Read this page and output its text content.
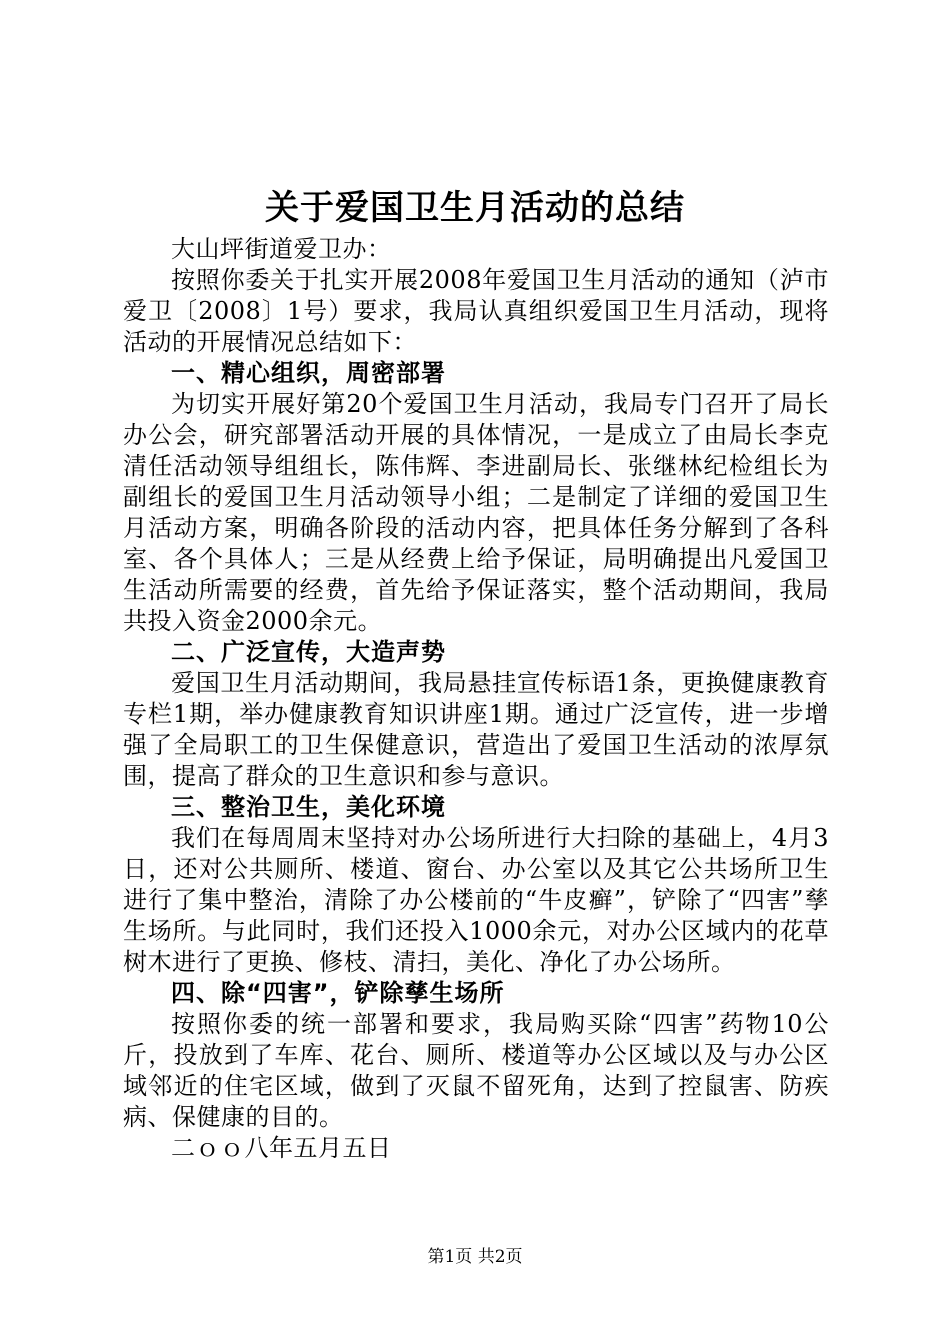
关于爱国卫生月活动的总结

大山坪街道爱卫办：

按照你委关于扎实开展2008年爱国卫生月活动的通知（泸市爱卫〔2008〕1号）要求，我局认真组织爱国卫生月活动，现将活动的开展情况总结如下：

一、精心组织，周密部署

为切实开展好第20个爱国卫生月活动，我局专门召开了局长办公会，研究部署活动开展的具体情况，一是成立了由局长李克清任活动领导组组长，陈伟辉、李进副局长、张继林纪检组长为副组长的爱国卫生月活动领导小组；二是制定了详细的爱国卫生月活动方案，明确各阶段的活动内容，把具体任务分解到了各科室、各个具体人；三是从经费上给予保证，局明确提出凡爱国卫生活动所需要的经费，首先给予保证落实，整个活动期间，我局共投入资金2000余元。

二、广泛宣传，大造声势

爱国卫生月活动期间，我局悬挂宣传标语1条，更换健康教育专栏1期，举办健康教育知识讲座1期。通过广泛宣传，进一步增强了全局职工的卫生保健意识，营造出了爱国卫生活动的浓厚氛围，提高了群众的卫生意识和参与意识。

三、整治卫生，美化环境

我们在每周周末坚持对办公场所进行大扫除的基础上，4月3日，还对公共厕所、楼道、窗台、办公室以及其它公共场所卫生进行了集中整治，清除了办公楼前的“牛皮癣”，铲除了“四害”孳生场所。与此同时，我们还投入1000余元，对办公区域内的花草树木进行了更换、修枝、清扫，美化、净化了办公场所。

四、除“四害”，铲除孳生场所

按照你委的统一部署和要求，我局购买除“四害”药物10公斤，投放到了车库、花台、厕所、楼道等办公区域以及与办公区域邻近的住宅区域，做到了灭鼠不留死角，达到了控鼠害、防疾病、保健康的目的。

二ｏｏ八年五月五日

第1页 共2页
